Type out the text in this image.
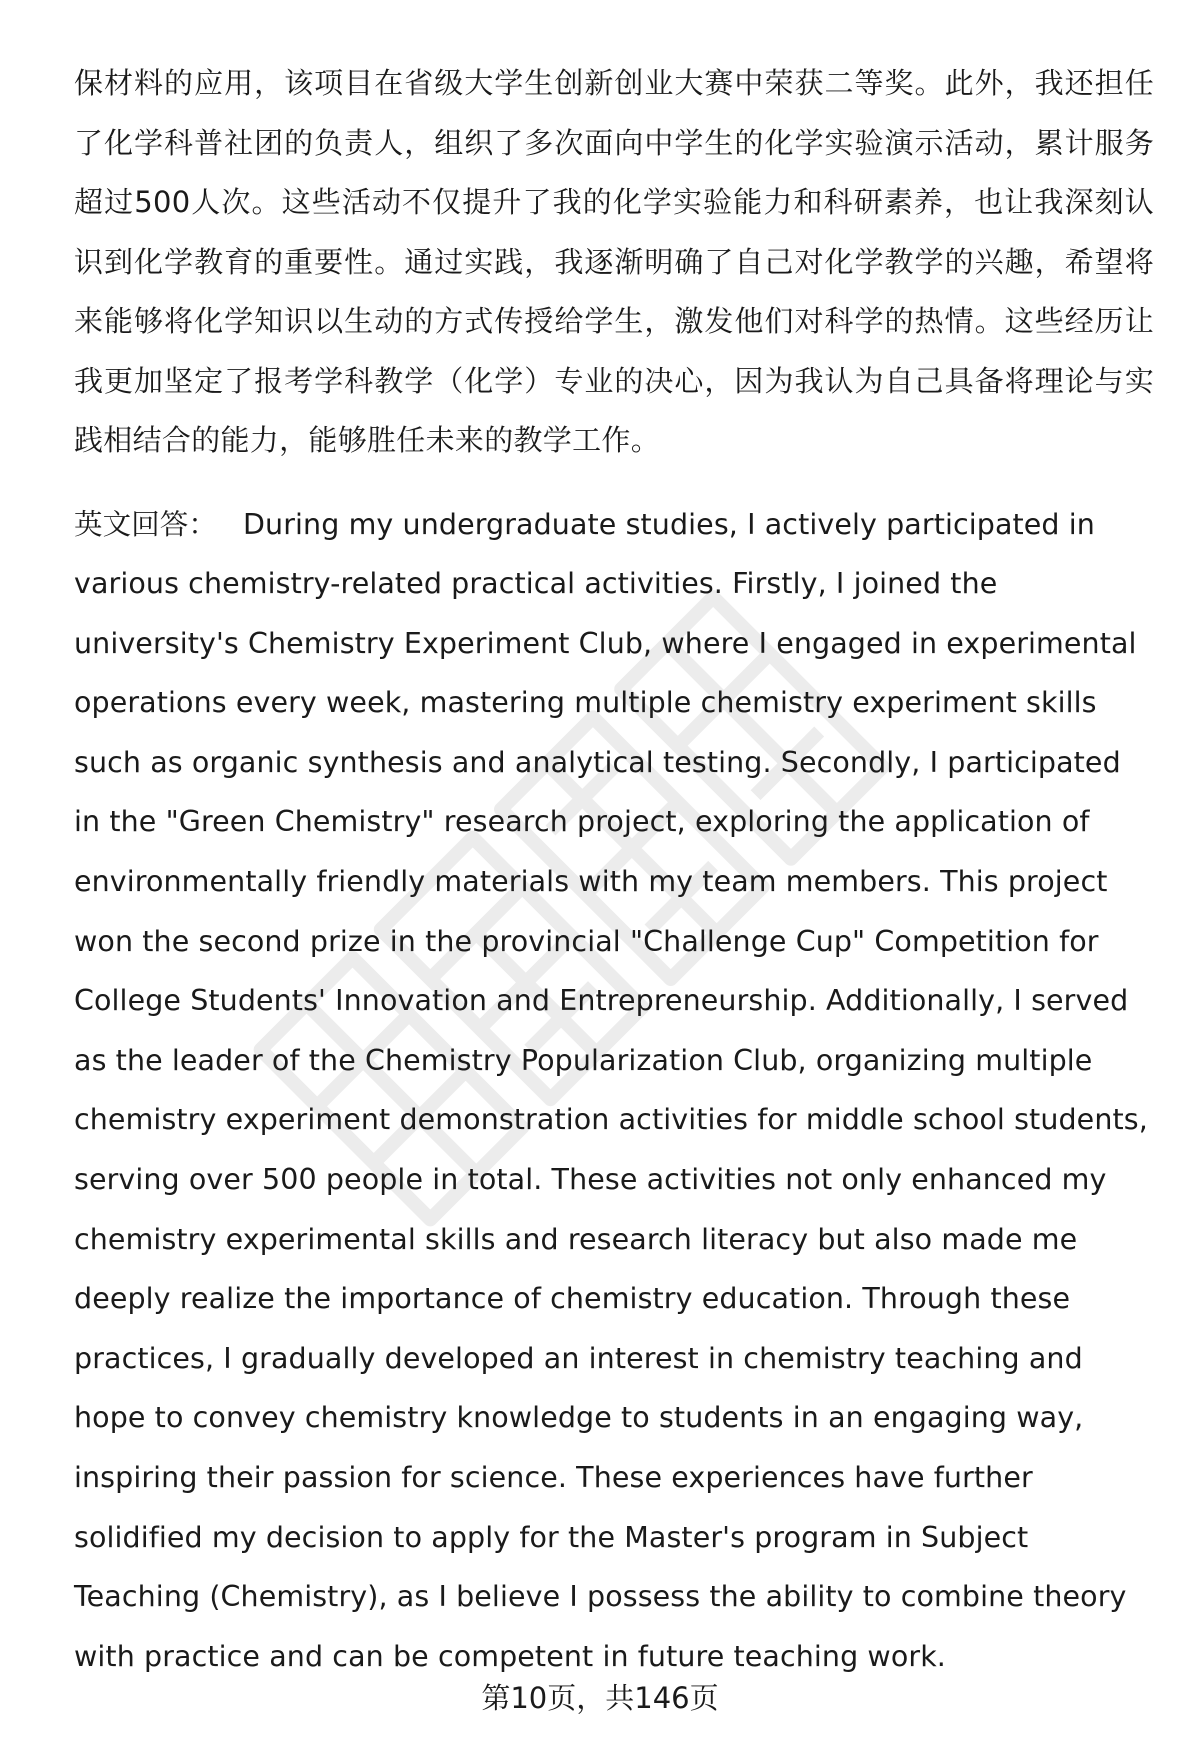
保材料的应用，该项目在省级大学生创新创业大赛中荣获二等奖。此外，我还担任了化学科普社团的负责人，组织了多次面向中学生的化学实验演示活动，累计服务超过500人次。这些活动不仅提升了我的化学实验能力和科研素养，也让我深刻认识到化学教育的重要性。通过实践，我逐渐明确了自己对化学教学的兴趣，希望将来能够将化学知识以生动的方式传授给学生，激发他们对科学的热情。这些经历让我更加坚定了报考学科教学（化学）专业的决心，因为我认为自己具备将理论与实践相结合的能力，能够胜任未来的教学工作。

英文回答： During my undergraduate studies, I actively participated in various chemistry-related practical activities. Firstly, I joined the university's Chemistry Experiment Club, where I engaged in experimental operations every week, mastering multiple chemistry experiment skills such as organic synthesis and analytical testing. Secondly, I participated in the "Green Chemistry" research project, exploring the application of environmentally friendly materials with my team members. This project won the second prize in the provincial "Challenge Cup" Competition for College Students' Innovation and Entrepreneurship. Additionally, I served as the leader of the Chemistry Popularization Club, organizing multiple chemistry experiment demonstration activities for middle school students, serving over 500 people in total. These activities not only enhanced my chemistry experimental skills and research literacy but also made me deeply realize the importance of chemistry education. Through these practices, I gradually developed an interest in chemistry teaching and hope to convey chemistry knowledge to students in an engaging way, inspiring their passion for science. These experiences have further solidified my decision to apply for the Master's program in Subject Teaching (Chemistry), as I believe I possess the ability to combine theory with practice and can be competent in future teaching work.

第10页，共146页
